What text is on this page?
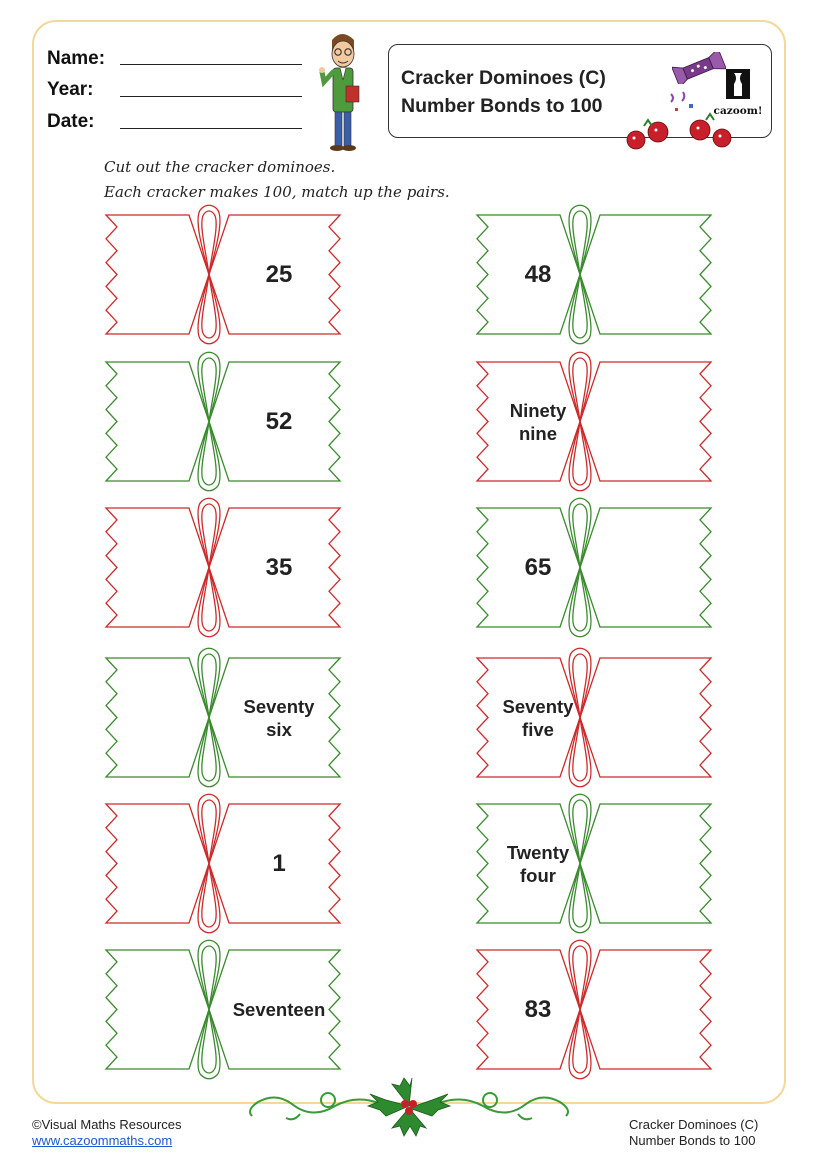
Name:
Year:
Date:
Cracker Dominoes (C)
Number Bonds to 100	cazoom!
Cut out the cracker dominoes.
Each cracker makes 100, match up the pairs.
25
52
35
Seventy six
1
Seventeen
48
Ninety nine
65
Seventy five
Twenty four
83
©Visual Maths Resources
www.cazoommaths.com
Cracker Dominoes (C)
Number Bonds to 100
